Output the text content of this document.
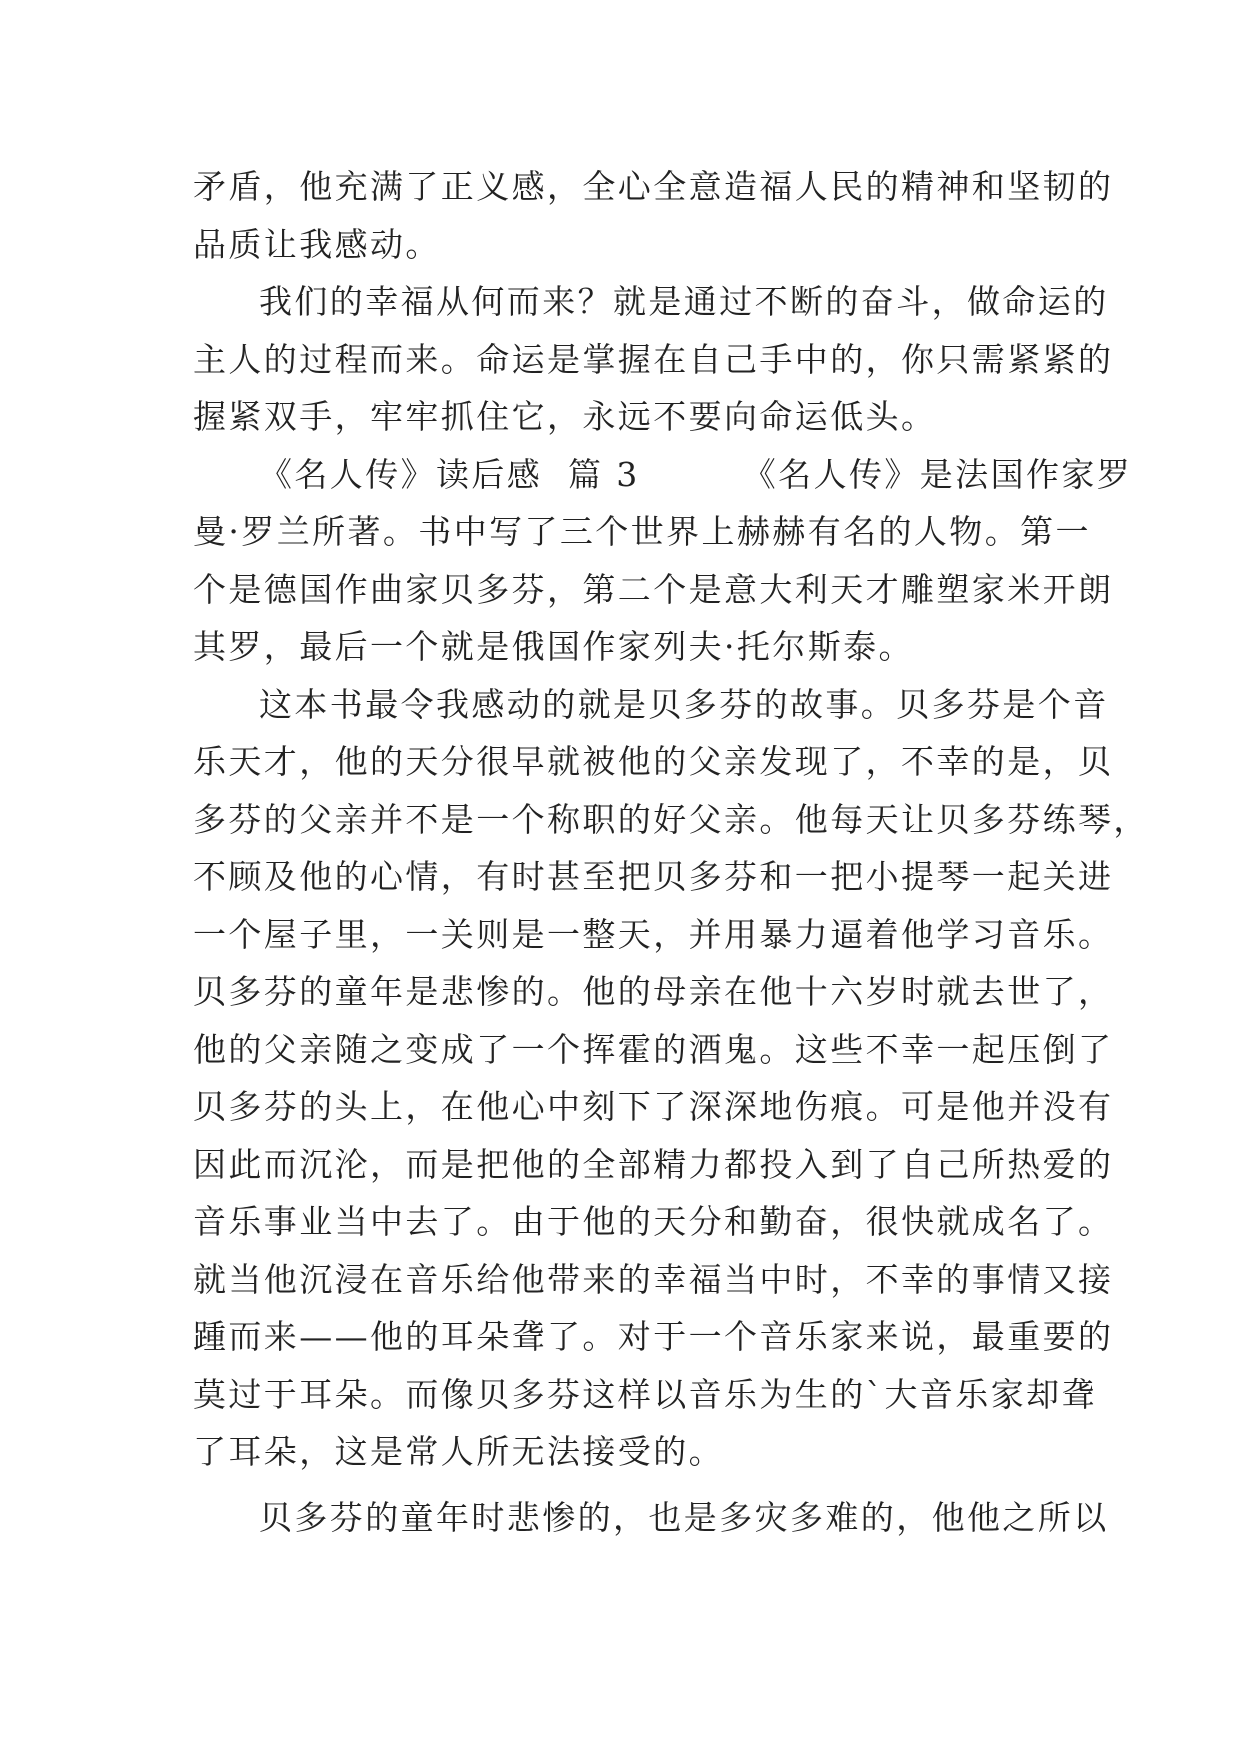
矛盾，他充满了正义感，全心全意造福人民的精神和坚韧的
品质让我感动。

我们的幸福从何而来？就是通过不断的奋斗，做命运的
主人的过程而来。命运是掌握在自己手中的，你只需紧紧的
握紧双手，牢牢抓住它，永远不要向命运低头。

《名人传》读后感  篇 3        《名人传》是法国作家罗
曼·罗兰所著。书中写了三个世界上赫赫有名的人物。第一
个是德国作曲家贝多芬，第二个是意大利天才雕塑家米开朗
其罗，最后一个就是俄国作家列夫·托尔斯泰。

这本书最令我感动的就是贝多芬的故事。贝多芬是个音
乐天才，他的天分很早就被他的父亲发现了，不幸的是，贝
多芬的父亲并不是一个称职的好父亲。他每天让贝多芬练琴，
不顾及他的心情，有时甚至把贝多芬和一把小提琴一起关进
一个屋子里，一关则是一整天，并用暴力逼着他学习音乐。
贝多芬的童年是悲惨的。他的母亲在他十六岁时就去世了，
他的父亲随之变成了一个挥霍的酒鬼。这些不幸一起压倒了
贝多芬的头上，在他心中刻下了深深地伤痕。可是他并没有
因此而沉沦，而是把他的全部精力都投入到了自己所热爱的
音乐事业当中去了。由于他的天分和勤奋，很快就成名了。
就当他沉浸在音乐给他带来的幸福当中时，不幸的事情又接
踵而来——他的耳朵聋了。对于一个音乐家来说，最重要的
莫过于耳朵。而像贝多芬这样以音乐为生的`大音乐家却聋
了耳朵，这是常人所无法接受的。

贝多芬的童年时悲惨的，也是多灾多难的，他他之所以
